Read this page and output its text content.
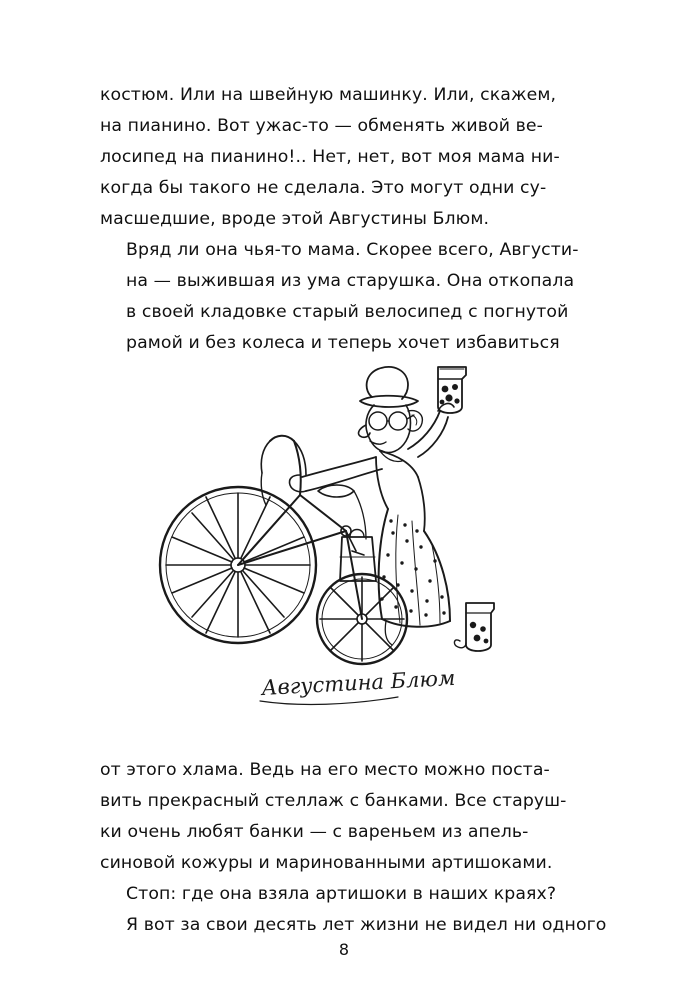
костюм. Или на швейную машинку. Или, скажем,
на пианино. Вот ужас-то — обменять живой ве-
лосипед на пианино!.. Нет, нет, вот моя мама ни-
когда бы такого не сделала. Это могут одни су-
масшедшие, вроде этой Августины Блюм.

Вряд ли она чья-то мама. Скорее всего, Августи-
на — выжившая из ума старушка. Она откопала
в своей кладовке старый велосипед с погнутой
рамой и без колеса и теперь хочет избавиться

Августина Блюм

от этого хлама. Ведь на его место можно поста-
вить прекрасный стеллаж с банками. Все старуш-
ки очень любят банки — с вареньем из апель-
синовой кожуры и маринованными артишоками.

Стоп: где она взяла артишоки в наших краях?
Я вот за свои десять лет жизни не видел ни одного

8
